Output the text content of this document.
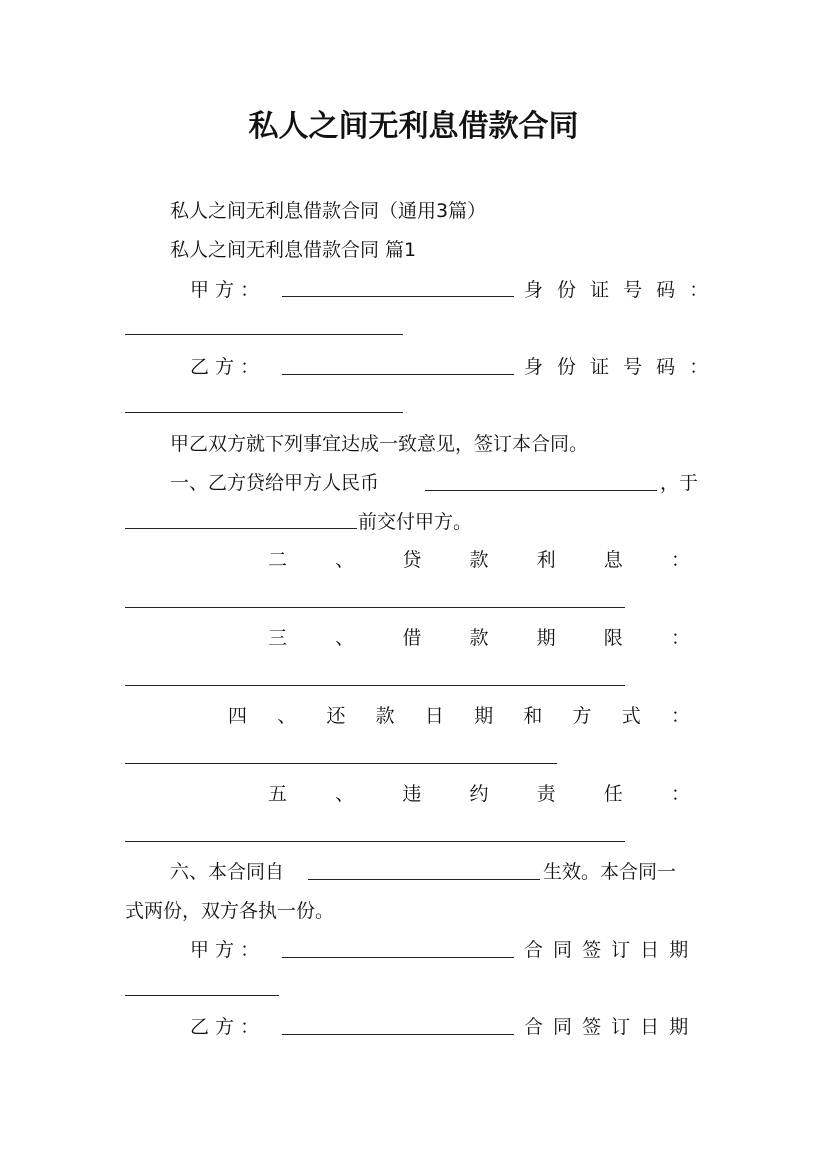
私人之间无利息借款合同
私人之间无利息借款合同（通用3篇）
私人之间无利息借款合同 篇1
甲 方 ：	身 份 证 号 码 ：
乙 方 ：	身 份 证 号 码 ：
甲乙双方就下列事宜达成一致意见，签订本合同。
一、乙方贷给甲方人民币	，于
前交付甲方。
二	、	贷	款	利	息	：
三	、	借	款	期	限	：
四 、 还 款 日 期 和 方 式 ：
五	、	违	约	责	任	：
六、本合同自	生效。本合同一
式两份，双方各执一份。
甲 方 ：	合 同 签 订 日 期
乙 方 ：	合 同 签 订 日 期
